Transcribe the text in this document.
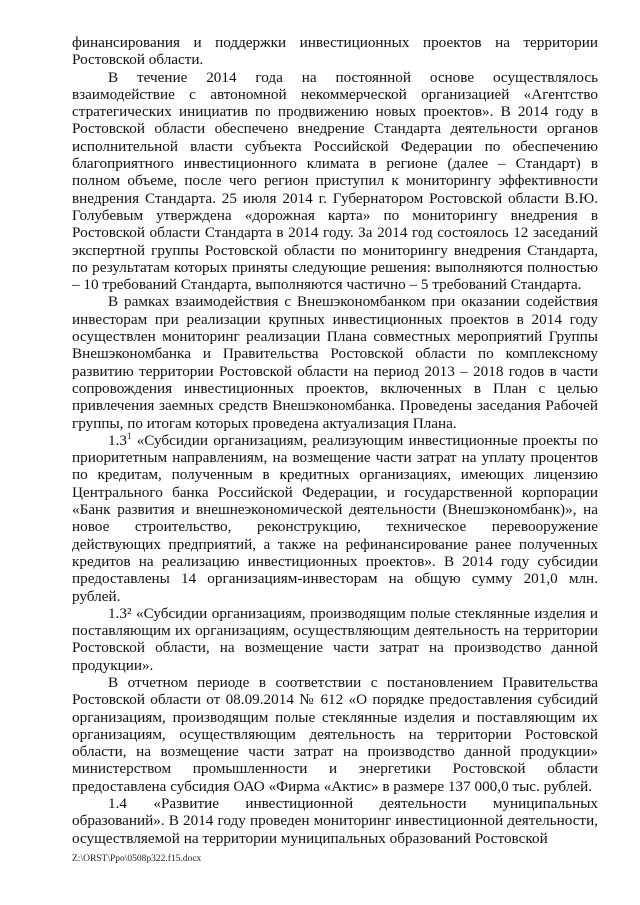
финансирования и поддержки инвестиционных проектов на территории Ростовской области.

В течение 2014 года на постоянной основе осуществлялось взаимодействие с автономной некоммерческой организацией «Агентство стратегических инициатив по продвижению новых проектов». В 2014 году в Ростовской области обеспечено внедрение Стандарта деятельности органов исполнительной власти субъекта Российской Федерации по обеспечению благоприятного инвестиционного климата в регионе (далее – Стандарт) в полном объеме, после чего регион приступил к мониторингу эффективности внедрения Стандарта. 25 июля 2014 г. Губернатором Ростовской области В.Ю. Голубевым утверждена «дорожная карта» по мониторингу внедрения в Ростовской области Стандарта в 2014 году. За 2014 год состоялось 12 заседаний экспертной группы Ростовской области по мониторингу внедрения Стандарта, по результатам которых приняты следующие решения: выполняются полностью – 10 требований Стандарта, выполняются частично – 5 требований Стандарта.

В рамках взаимодействия с Внешэкономбанком при оказании содействия инвесторам при реализации крупных инвестиционных проектов в 2014 году осуществлен мониторинг реализации Плана совместных мероприятий Группы Внешэкономбанка и Правительства Ростовской области по комплексному развитию территории Ростовской области на период 2013 – 2018 годов в части сопровождения инвестиционных проектов, включенных в План с целью привлечения заемных средств Внешэкономбанка. Проведены заседания Рабочей группы, по итогам которых проведена актуализация Плана.

$1.3^1$ «Субсидии организациям, реализующим инвестиционные проекты по приоритетным направлениям, на возмещение части затрат на уплату процентов по кредитам, полученным в кредитных организациях, имеющих лицензию Центрального банка Российской Федерации, и государственной корпорации «Банк развития и внешнеэкономической деятельности (Внешэкономбанк)», на новое строительство, реконструкцию, техническое перевооружение действующих предприятий, а также на рефинансирование ранее полученных кредитов на реализацию инвестиционных проектов». В 2014 году субсидии предоставлены 14 организациям-инвесторам на общую сумму 201,0 млн. рублей.

1.3² «Субсидии организациям, производящим полые стеклянные изделия и поставляющим их организациям, осуществляющим деятельность на территории Ростовской области, на возмещение части затрат на производство данной продукции».

В отчетном периоде в соответствии с постановлением Правительства Ростовской области от 08.09.2014 № 612 «О порядке предоставления субсидий организациям, производящим полые стеклянные изделия и поставляющим их организациям, осуществляющим деятельность на территории Ростовской области, на возмещение части затрат на производство данной продукции» министерством промышленности и энергетики Ростовской области предоставлена субсидия ОАО «Фирма «Актис» в размере 137 000,0 тыс. рублей.

1.4 «Развитие инвестиционной деятельности муниципальных образований». В 2014 году проведен мониторинг инвестиционной деятельности, осуществляемой на территории муниципальных образований Ростовской

Z:\ORST\Ppo\0508p322.f15.docx
